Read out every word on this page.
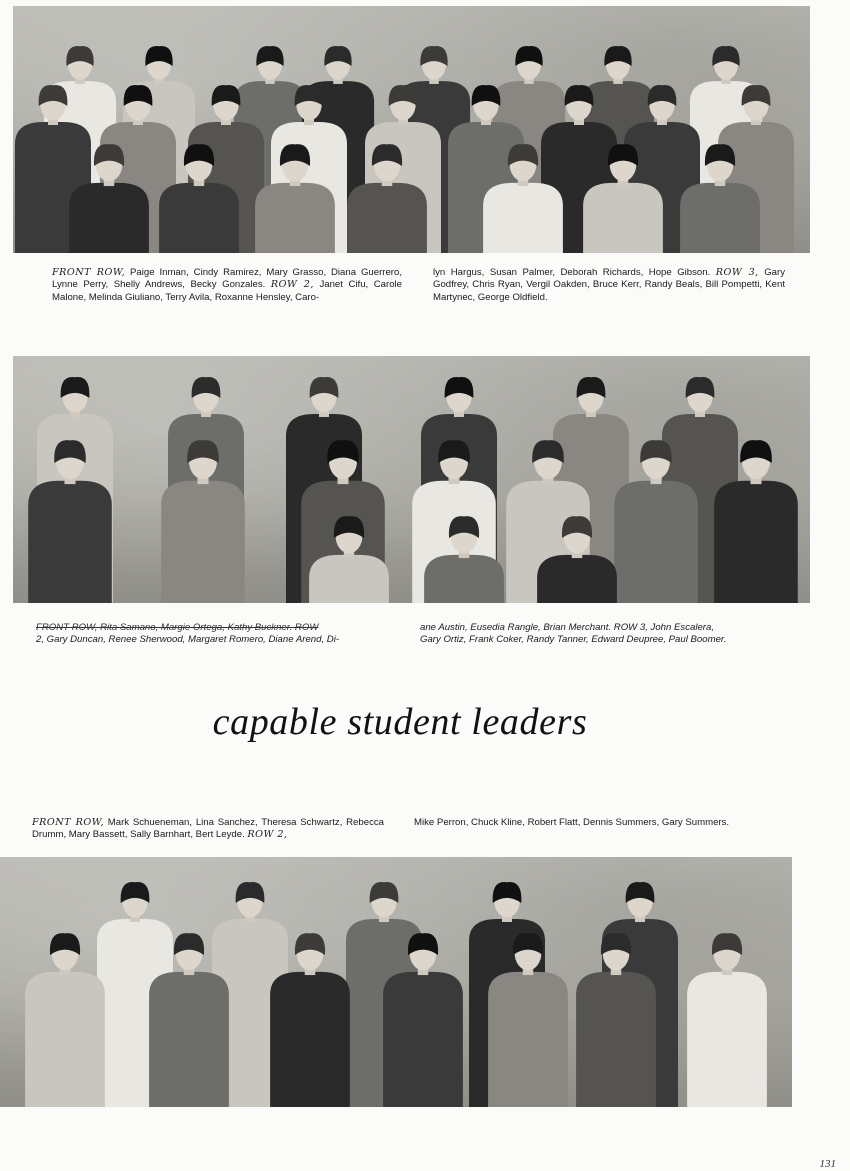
FRONT ROW, Paige Inman, Cindy Ramirez, Mary Grasso, Diana Guerrero, Lynne Perry, Shelly Andrews, Becky Gonzales. ROW 2, Janet Cifu, Carole Malone, Melinda Giuliano, Terry Avila, Roxanne Hensley, Caro-
lyn Hargus, Susan Palmer, Deborah Richards, Hope Gibson. ROW 3, Gary Godfrey, Chris Ryan, Vergil Oakden, Bruce Kerr, Randy Beals, Bill Pompetti, Kent Martynec, George Oldfield.
FRONT ROW, Rita Samano, Margie Ortega, Kathy Buckner. ROW
2, Gary Duncan, Renee Sherwood, Margaret Romero, Diane Arend, Di-
ane Austin, Eusedia Rangle, Brian Merchant. ROW 3, John Escalera,
Gary Ortiz, Frank Coker, Randy Tanner, Edward Deupree, Paul Boomer.
capable student leaders
FRONT ROW, Mark Schueneman, Lina Sanchez, Theresa Schwartz, Rebecca Drumm, Mary Bassett, Sally Barnhart, Bert Leyde. ROW 2,
Mike Perron, Chuck Kline, Robert Flatt, Dennis Summers, Gary Summers.
131
